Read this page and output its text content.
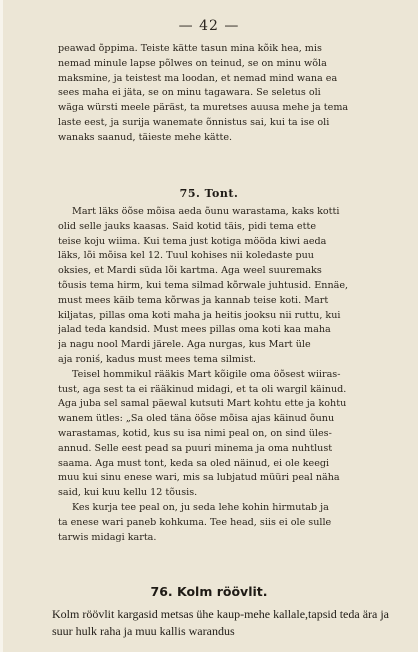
— 42 —
peawad õppima. Teiste kätte tasun mina kõik hea, mis
nemad minule lapse põlwes on teinud, se on minu wõla
maksmine, ja teistest ma loodan, et nemad mind wana ea
sees maha ei jäta, se on minu tagawara. Se seletus oli
wäga würsti meele päräst, ta muretses auusa mehe ja tema
laste eest, ja surija wanemate õnnistus sai, kui ta ise oli
wanaks saanud, täieste mehe kätte.
75. Tont.
Mart läks öõse mõisa aeda õunu warastama, kaks kotti
olid selle jauks kaasas. Said kotid täis, pidi tema ette
teise koju wiima. Kui tema just kotiga mööda kiwi aeda
läks, lõi mõisa kel 12. Tuul kohises nii koledaste puu
oksies, et Mardi süda lõi kartma. Aga weel suuremaks
tõusis tema hirm, kui tema silmad kõrwale juhtusid. Ennäe,
must mees käib tema kõrwas ja kannab teise koti. Mart
kiljatas, pillas oma koti maha ja heitis jooksu nii ruttu, kui
jalad teda kandsid. Must mees pillas oma koti kaa maha
ja nagu nool Mardi järele. Aga nurgas, kus Mart üle
aja roniś, kadus must mees tema silmist.
Teisel hommikul rääkis Mart kõigile oma öõsest wiiras-
tust, aga sest ta ei rääkinud midagi, et ta oli wargil käinud.
Aga juba sel samal päewal kutsuti Mart kohtu ette ja kohtu
wanem ütles: „Sa oled täna öõse mõisa ajas käinud õunu
warastamas, kotid, kus su isa nimi peal on, on sind üles-
annud. Selle eest pead sa puuri minema ja oma nuhtlust
saama. Aga must tont, keda sa oled näinud, ei ole keegi
muu kui sinu enese wari, mis sa lubjatud müüri peal näha
said, kui kuu kellu 12 tõusis.
Kes kurja tee peal on, ju seda lehe kohin hirmutab ja
ta enese wari paneb kohkuma. Tee head, siis ei ole sulle
tarwis midagi karta.
76. Kolm röövlit.
Kolm röövlit kargasid metsas ühe kaup-mehe kallale,tapsid teda ära ja suur hulk raha ja muu kallis warandus
